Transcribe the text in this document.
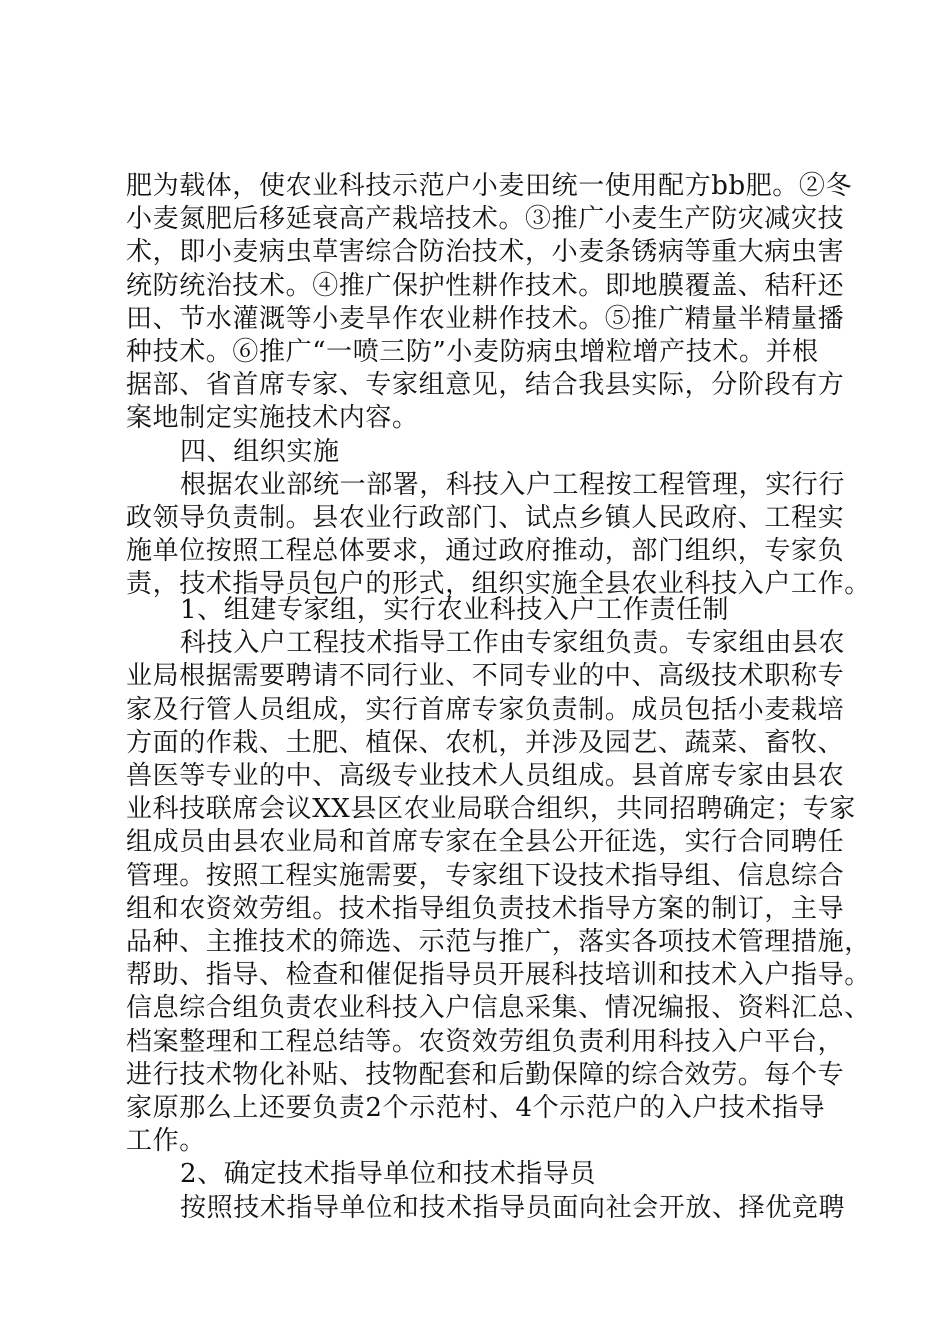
肥为载体，使农业科技示范户小麦田统一使用配方bb肥。②冬
小麦氮肥后移延衰高产栽培技术。③推广小麦生产防灾减灾技
术，即小麦病虫草害综合防治技术，小麦条锈病等重大病虫害
统防统治技术。④推广保护性耕作技术。即地膜覆盖、秸秆还
田、节水灌溉等小麦旱作农业耕作技术。⑤推广精量半精量播
种技术。⑥推广“一喷三防”小麦防病虫增粒增产技术。并根
据部、省首席专家、专家组意见，结合我县实际，分阶段有方
案地制定实施技术内容。
四、组织实施
根据农业部统一部署，科技入户工程按工程管理，实行行
政领导负责制。县农业行政部门、试点乡镇人民政府、工程实
施单位按照工程总体要求，通过政府推动，部门组织，专家负
责，技术指导员包户的形式，组织实施全县农业科技入户工作。
1、组建专家组，实行农业科技入户工作责任制
科技入户工程技术指导工作由专家组负责。专家组由县农
业局根据需要聘请不同行业、不同专业的中、高级技术职称专
家及行管人员组成，实行首席专家负责制。成员包括小麦栽培
方面的作栽、土肥、植保、农机，并涉及园艺、蔬菜、畜牧、
兽医等专业的中、高级专业技术人员组成。县首席专家由县农
业科技联席会议XX县区农业局联合组织，共同招聘确定；专家
组成员由县农业局和首席专家在全县公开征选，实行合同聘任
管理。按照工程实施需要，专家组下设技术指导组、信息综合
组和农资效劳组。技术指导组负责技术指导方案的制订，主导
品种、主推技术的筛选、示范与推广，落实各项技术管理措施，
帮助、指导、检查和催促指导员开展科技培训和技术入户指导。
信息综合组负责农业科技入户信息采集、情况编报、资料汇总、
档案整理和工程总结等。农资效劳组负责利用科技入户平台，
进行技术物化补贴、技物配套和后勤保障的综合效劳。每个专
家原那么上还要负责2个示范村、4个示范户的入户技术指导
工作。
2、确定技术指导单位和技术指导员
按照技术指导单位和技术指导员面向社会开放、择优竞聘
